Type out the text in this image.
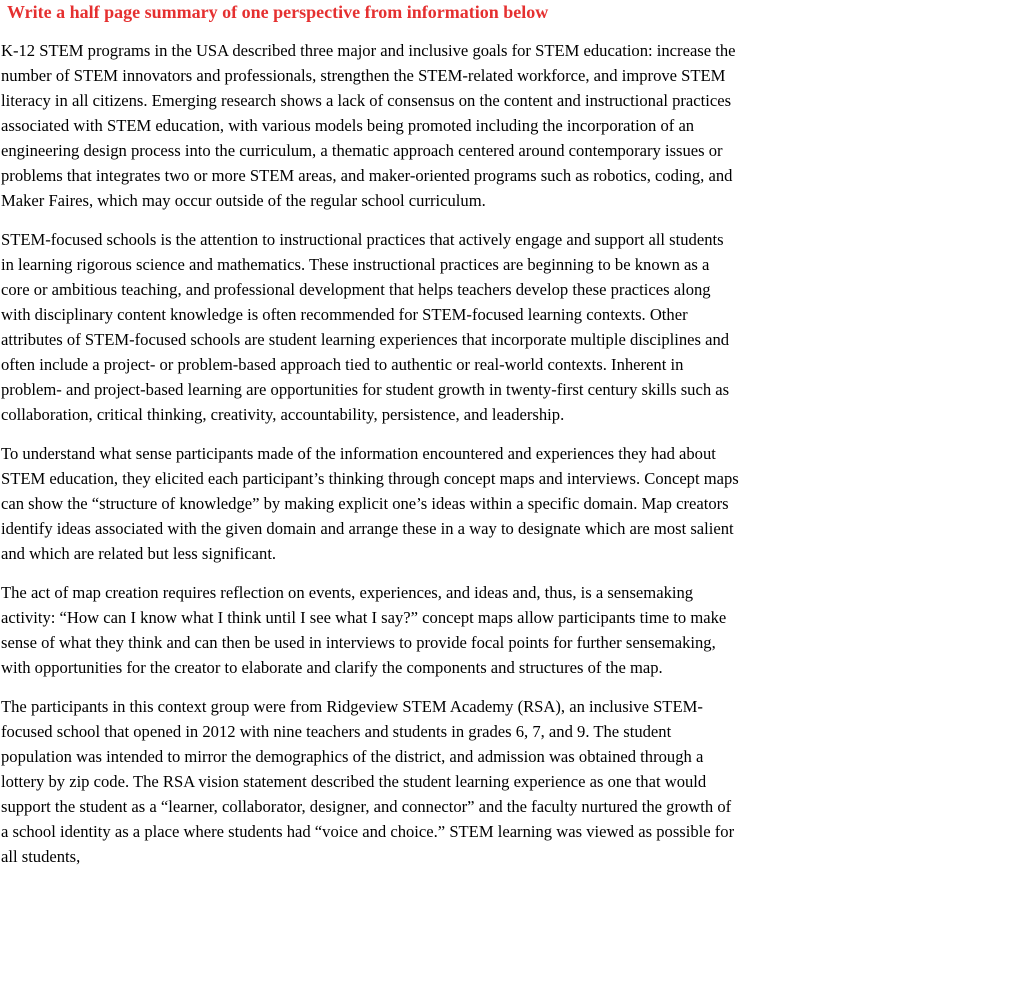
Write a half page summary of one perspective from information below

K-12 STEM programs in the USA described three major and inclusive goals for STEM education: increase the number of STEM innovators and professionals, strengthen the STEM-related workforce, and improve STEM literacy in all citizens. Emerging research shows a lack of consensus on the content and instructional practices associated with STEM education, with various models being promoted including the incorporation of an engineering design process into the curriculum, a thematic approach centered around contemporary issues or problems that integrates two or more STEM areas, and maker-oriented programs such as robotics, coding, and Maker Faires, which may occur outside of the regular school curriculum.

STEM-focused schools is the attention to instructional practices that actively engage and support all students in learning rigorous science and mathematics. These instructional practices are beginning to be known as a core or ambitious teaching, and professional development that helps teachers develop these practices along with disciplinary content knowledge is often recommended for STEM-focused learning contexts. Other attributes of STEM-focused schools are student learning experiences that incorporate multiple disciplines and often include a project- or problem-based approach tied to authentic or real-world contexts. Inherent in problem- and project-based learning are opportunities for student growth in twenty-first century skills such as collaboration, critical thinking, creativity, accountability, persistence, and leadership.

To understand what sense participants made of the information encountered and experiences they had about STEM education, they elicited each participant’s thinking through concept maps and interviews. Concept maps can show the “structure of knowledge” by making explicit one’s ideas within a specific domain. Map creators identify ideas associated with the given domain and arrange these in a way to designate which are most salient and which are related but less significant.

The act of map creation requires reflection on events, experiences, and ideas and, thus, is a sensemaking activity: “How can I know what I think until I see what I say?” concept maps allow participants time to make sense of what they think and can then be used in interviews to provide focal points for further sensemaking, with opportunities for the creator to elaborate and clarify the components and structures of the map.

The participants in this context group were from Ridgeview STEM Academy (RSA), an inclusive STEM-focused school that opened in 2012 with nine teachers and students in grades 6, 7, and 9. The student population was intended to mirror the demographics of the district, and admission was obtained through a lottery by zip code. The RSA vision statement described the student learning experience as one that would support the student as a “learner, collaborator, designer, and connector” and the faculty nurtured the growth of a school identity as a place where students had “voice and choice.” STEM learning was viewed as possible for all students,
